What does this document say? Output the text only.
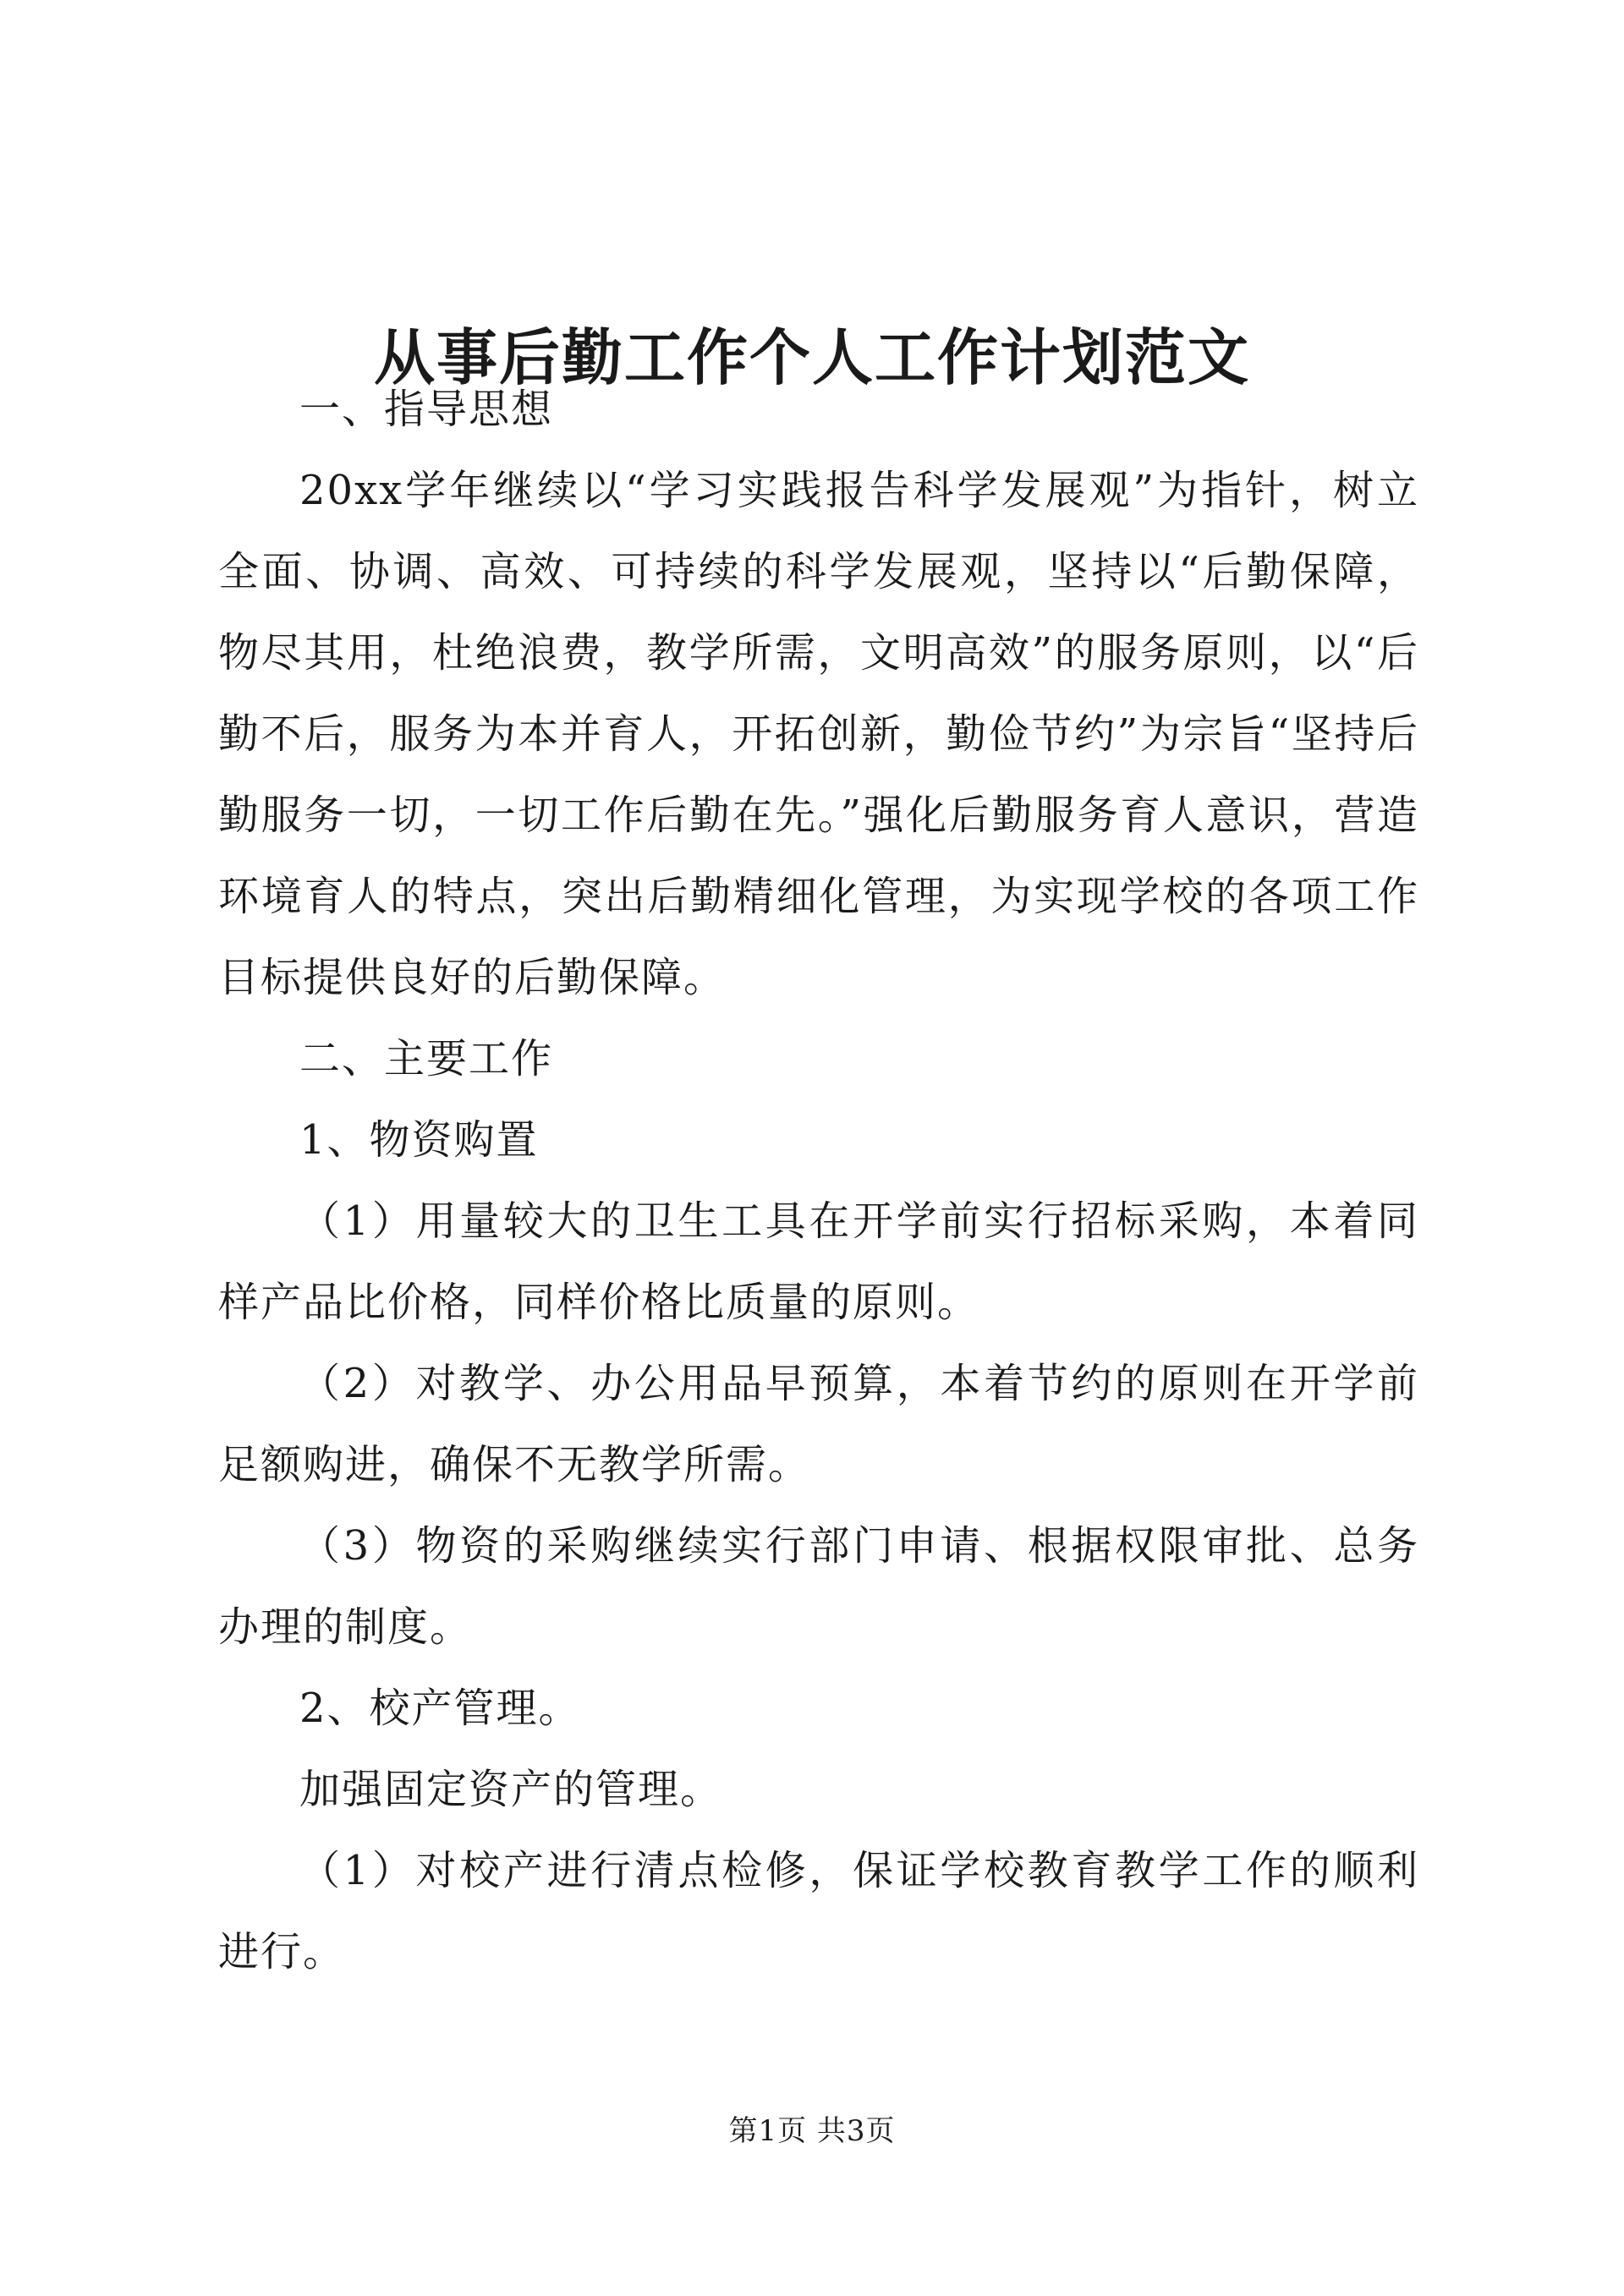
从事后勤工作个人工作计划范文

一、指导思想

20xx学年继续以“学习实践报告科学发展观”为指针，树立全面、协调、高效、可持续的科学发展观，坚持以“后勤保障，物尽其用，杜绝浪费，教学所需，文明高效”的服务原则，以“后勤不后，服务为本并育人，开拓创新，勤俭节约”为宗旨“坚持后勤服务一切，一切工作后勤在先。”强化后勤服务育人意识，营造环境育人的特点，突出后勤精细化管理，为实现学校的各项工作目标提供良好的后勤保障。

二、主要工作

1、物资购置

（1）用量较大的卫生工具在开学前实行招标采购，本着同样产品比价格，同样价格比质量的原则。

（2）对教学、办公用品早预算，本着节约的原则在开学前足额购进，确保不无教学所需。

（3）物资的采购继续实行部门申请、根据权限审批、总务办理的制度。

2、校产管理。

加强固定资产的管理。

（1）对校产进行清点检修，保证学校教育教学工作的顺利进行。

第1页 共3页
